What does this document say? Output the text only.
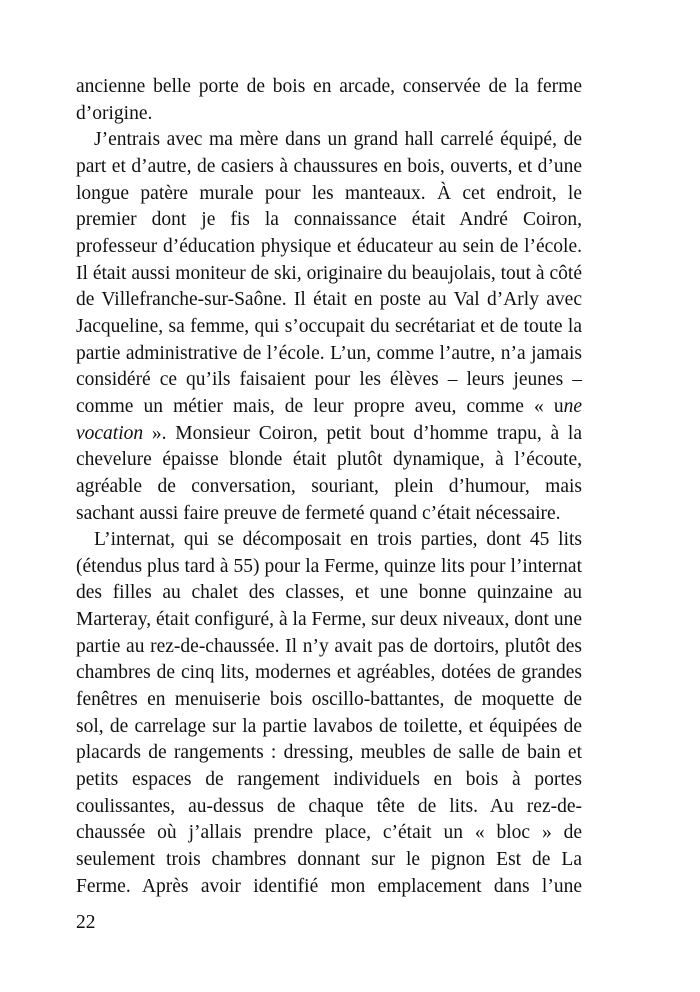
ancienne belle porte de bois en arcade, conservée de la ferme d’origine.

J’entrais avec ma mère dans un grand hall carrelé équipé, de part et d’autre, de casiers à chaussures en bois, ouverts, et d’une longue patère murale pour les manteaux. À cet endroit, le premier dont je fis la connaissance était André Coiron, professeur d’éducation physique et éducateur au sein de l’école. Il était aussi moniteur de ski, originaire du beaujolais, tout à côté de Villefranche-sur-Saône. Il était en poste au Val d’Arly avec Jacqueline, sa femme, qui s’occupait du secrétariat et de toute la partie administrative de l’école. L’un, comme l’autre, n’a jamais considéré ce qu’ils faisaient pour les élèves – leurs jeunes – comme un métier mais, de leur propre aveu, comme « une vocation ». Monsieur Coiron, petit bout d’homme trapu, à la chevelure épaisse blonde était plutôt dynamique, à l’écoute, agréable de conversation, souriant, plein d’humour, mais sachant aussi faire preuve de fermeté quand c’était nécessaire.

L’internat, qui se décomposait en trois parties, dont 45 lits (étendus plus tard à 55) pour la Ferme, quinze lits pour l’internat des filles au chalet des classes, et une bonne quinzaine au Marteray, était configuré, à la Ferme, sur deux niveaux, dont une partie au rez-de-chaussée. Il n’y avait pas de dortoirs, plutôt des chambres de cinq lits, modernes et agréables, dotées de grandes fenêtres en menuiserie bois oscillo-battantes, de moquette de sol, de carrelage sur la partie lavabos de toilette, et équipées de placards de rangements : dressing, meubles de salle de bain et petits espaces de rangement individuels en bois à portes coulissantes, au-dessus de chaque tête de lits. Au rez-de-chaussée où j’allais prendre place, c’était un « bloc » de seulement trois chambres donnant sur le pignon Est de La Ferme. Après avoir identifié mon emplacement dans l’une

22
